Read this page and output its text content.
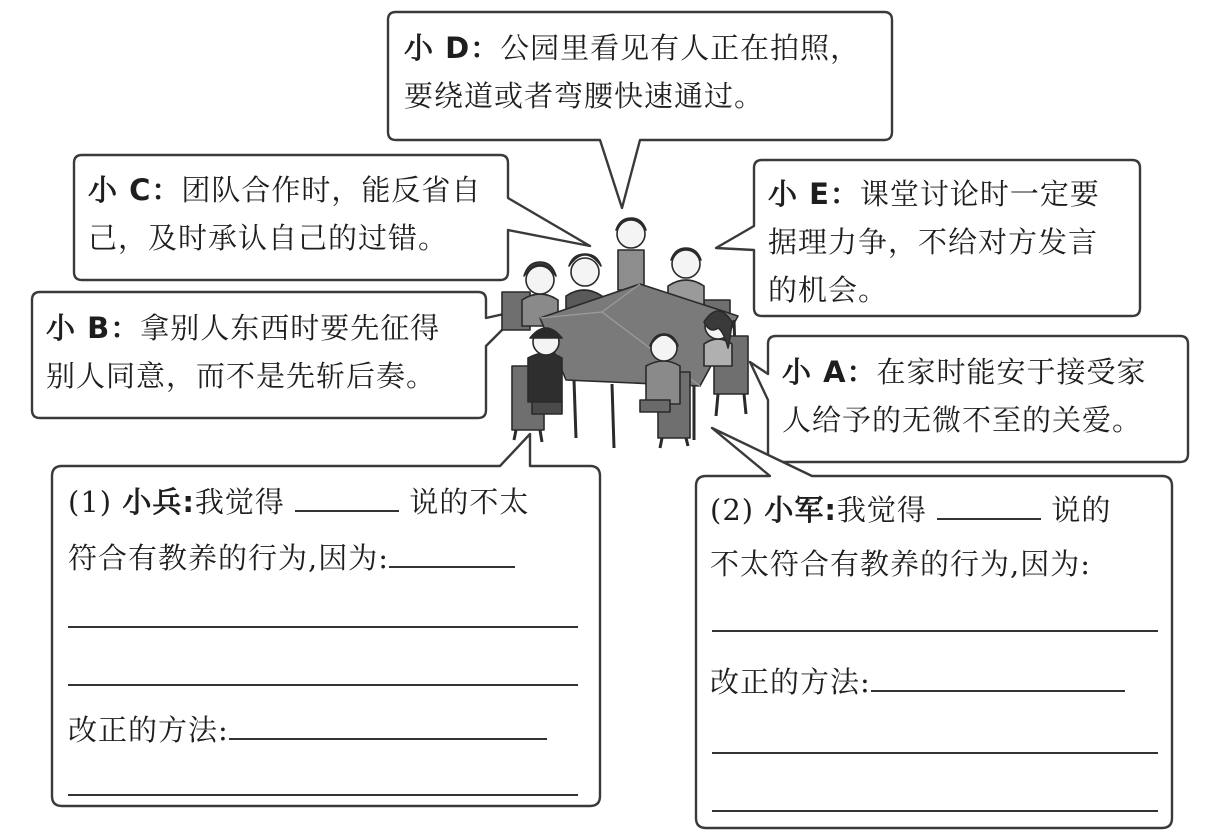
小 D：公园里看见有人正在拍照，
要绕道或者弯腰快速通过。
小 C：团队合作时，能反省自
己，及时承认自己的过错。
小 E：课堂讨论时一定要
据理力争，不给对方发言
的机会。
小 B：拿别人东西时要先征得
别人同意，而不是先斩后奏。	小 A：在家时能安于接受家
人给予的无微不至的关爱。
(1) 小兵:我觉得	说的不太
符合有教养的行为,因为:
改正的方法:
(2) 小军:我觉得	说的
不太符合有教养的行为,因为:
改正的方法:
